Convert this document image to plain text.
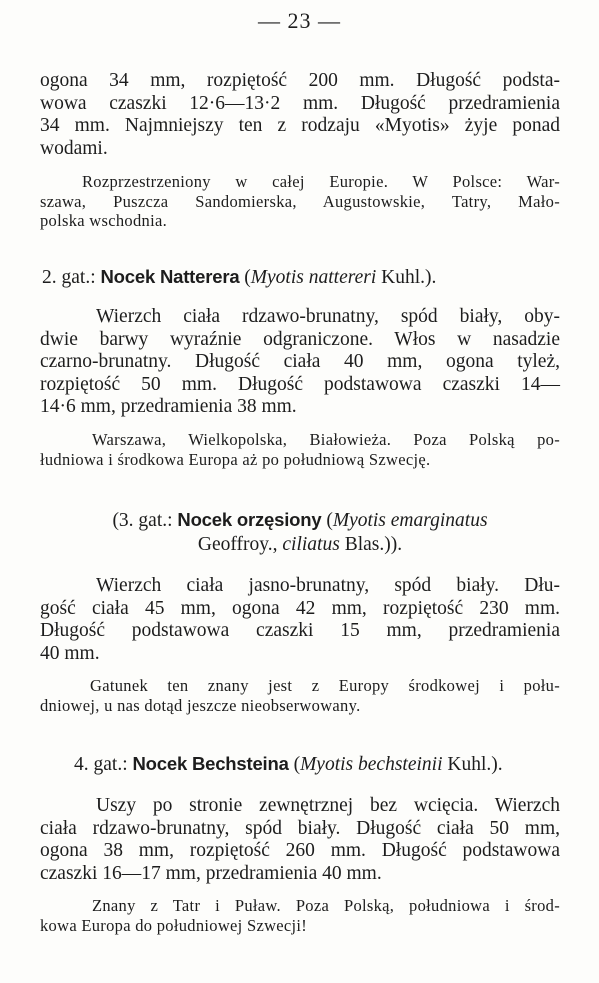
— 23 —
ogona 34 mm, rozpiętość 200 mm. Długość podsta-
wowa czaszki 12·6—13·2 mm. Długość przedramienia
34 mm. Najmniejszy ten z rodzaju «Myotis» żyje ponad
wodami.
Rozprzestrzeniony w całej Europie. W Polsce: War-
szawa, Puszcza Sandomierska, Augustowskie, Tatry, Mało-
polska wschodnia.
2. gat.: Nocek Natterera (Myotis nattereri Kuhl.).
Wierzch ciała rdzawo-brunatny, spód biały, oby-
dwie barwy wyraźnie odgraniczone. Włos w nasadzie
czarno-brunatny. Długość ciała 40 mm, ogona tyleż,
rozpiętość 50 mm. Długość podstawowa czaszki 14—
14·6 mm, przedramienia 38 mm.
Warszawa, Wielkopolska, Białowieża. Poza Polską po-
łudniowa i środkowa Europa aż po południową Szwecję.
(3. gat.: Nocek orzęsiony (Myotis emarginatus
Geoffroy., ciliatus Blas.)).
Wierzch ciała jasno-brunatny, spód biały. Dłu-
gość ciała 45 mm, ogona 42 mm, rozpiętość 230 mm.
Długość podstawowa czaszki 15 mm, przedramienia
40 mm.
Gatunek ten znany jest z Europy środkowej i połu-
dniowej, u nas dotąd jeszcze nieobserwowany.
4. gat.: Nocek Bechsteina (Myotis bechsteinii Kuhl.).
Uszy po stronie zewnętrznej bez wcięcia. Wierzch
ciała rdzawo-brunatny, spód biały. Długość ciała 50 mm,
ogona 38 mm, rozpiętość 260 mm. Długość podstawowa
czaszki 16—17 mm, przedramienia 40 mm.
Znany z Tatr i Puław. Poza Polską, południowa i środ-
kowa Europa do południowej Szwecji!
